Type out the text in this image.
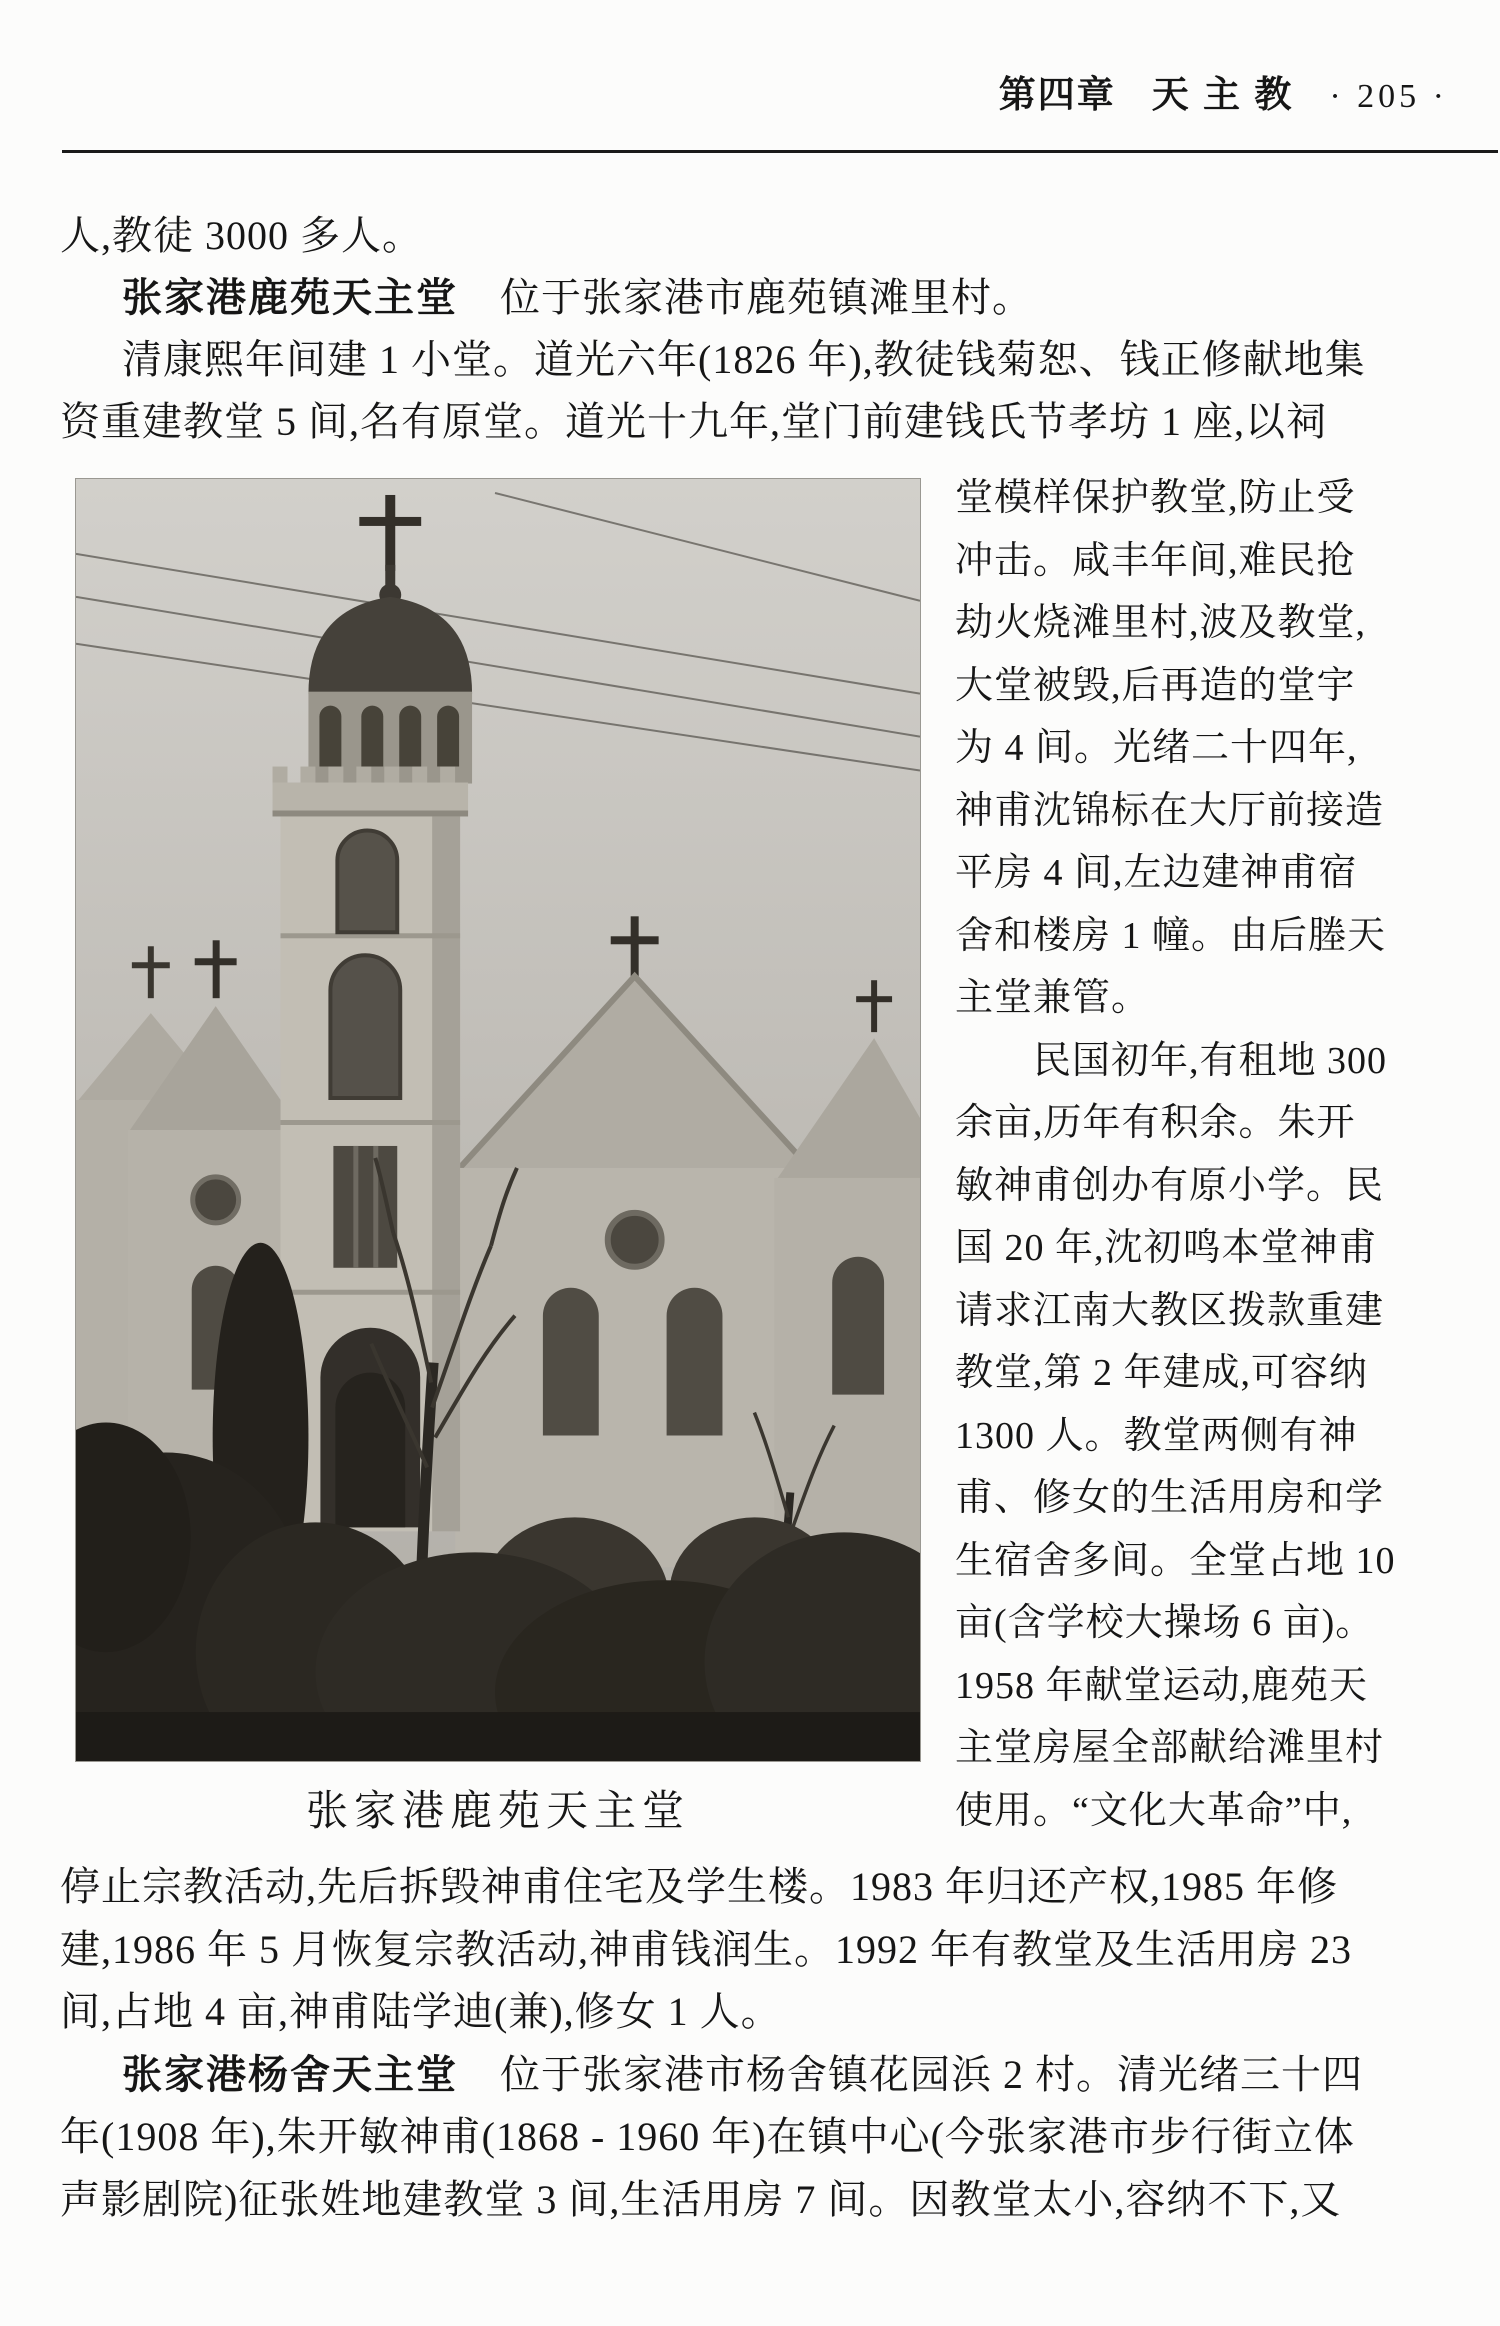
第四章 天 主 教 · 205 ·
人,教徒 3000 多人。
张家港鹿苑天主堂 位于张家港市鹿苑镇滩里村。
清康熙年间建 1 小堂。道光六年(1826 年),教徒钱菊恕、钱正修献地集
资重建教堂 5 间,名有原堂。道光十九年,堂门前建钱氏节孝坊 1 座,以祠
张家港鹿苑天主堂
堂模样保护教堂,防止受
冲击。咸丰年间,难民抢
劫火烧滩里村,波及教堂,
大堂被毁,后再造的堂宇
为 4 间。光绪二十四年,
神甫沈锦标在大厅前接造
平房 4 间,左边建神甫宿
舍和楼房 1 幢。由后塍天
主堂兼管。
　　民国初年,有租地 300
余亩,历年有积余。朱开
敏神甫创办有原小学。民
国 20 年,沈初鸣本堂神甫
请求江南大教区拨款重建
教堂,第 2 年建成,可容纳
1300 人。教堂两侧有神
甫、修女的生活用房和学
生宿舍多间。全堂占地 10
亩(含学校大操场 6 亩)。
1958 年献堂运动,鹿苑天
主堂房屋全部献给滩里村
使用。“文化大革命”中,
停止宗教活动,先后拆毁神甫住宅及学生楼。1983 年归还产权,1985 年修
建,1986 年 5 月恢复宗教活动,神甫钱润生。1992 年有教堂及生活用房 23
间,占地 4 亩,神甫陆学迪(兼),修女 1 人。
张家港杨舍天主堂 位于张家港市杨舍镇花园浜 2 村。清光绪三十四
年(1908 年),朱开敏神甫(1868 - 1960 年)在镇中心(今张家港市步行街立体
声影剧院)征张姓地建教堂 3 间,生活用房 7 间。因教堂太小,容纳不下,又
